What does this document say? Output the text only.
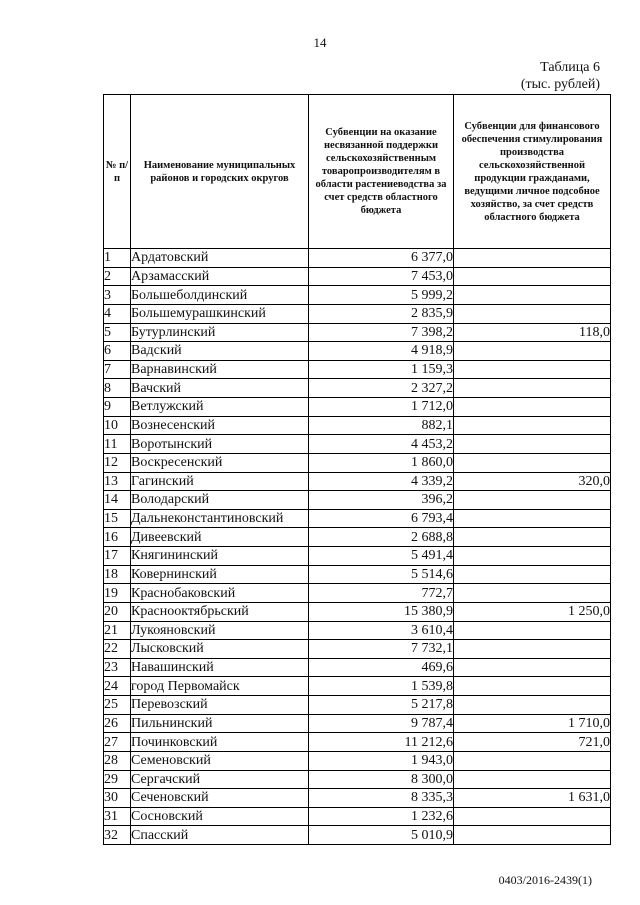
14
Таблица 6
(тыс. рублей)
№ п/п	Наименование муниципальных районов и городских округов	Субвенции на оказание несвязанной поддержки сельскохозяйственным товаропроизводителям в области растениеводства за счет средств областного бюджета	Субвенции для финансового обеспечения стимулирования производства сельскохозяйственной продукции гражданами, ведущими личное подсобное хозяйство, за счет средств областного бюджета
1	Ардатовский	6 377,0	
2	Арзамасский	7 453,0	
3	Большеболдинский	5 999,2	
4	Большемурашкинский	2 835,9	
5	Бутурлинский	7 398,2	118,0
6	Вадский	4 918,9	
7	Варнавинский	1 159,3	
8	Вачский	2 327,2	
9	Ветлужский	1 712,0	
10	Вознесенский	882,1	
11	Воротынский	4 453,2	
12	Воскресенский	1 860,0	
13	Гагинский	4 339,2	320,0
14	Володарский	396,2	
15	Дальнеконстантиновский	6 793,4	
16	Дивеевский	2 688,8	
17	Княгининский	5 491,4	
18	Ковернинский	5 514,6	
19	Краснобаковский	772,7	
20	Краснооктябрьский	15 380,9	1 250,0
21	Лукояновский	3 610,4	
22	Лысковский	7 732,1	
23	Навашинский	469,6	
24	город Первомайск	1 539,8	
25	Перевозский	5 217,8	
26	Пильнинский	9 787,4	1 710,0
27	Починковский	11 212,6	721,0
28	Семеновский	1 943,0	
29	Сергачский	8 300,0	
30	Сеченовский	8 335,3	1 631,0
31	Сосновский	1 232,6	
32	Спасский	5 010,9	
0403/2016-2439(1)
